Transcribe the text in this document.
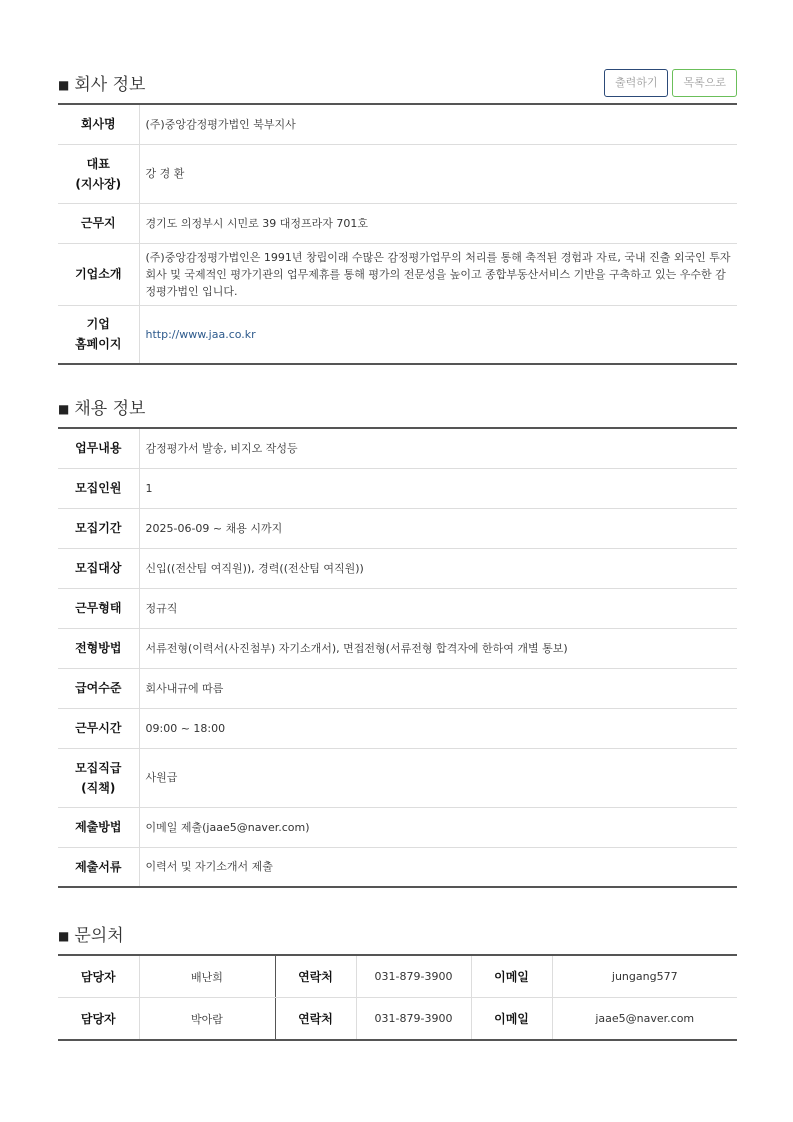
■ 회사 정보	출력하기	목록으로
회사명	(주)중앙감정평가법인 북부지사
대표
(지사장)	강 경 환
근무지	경기도 의정부시 시민로 39 대정프라자 701호
기업소개	(주)중앙감정평가법인은 1991년 창립이래 수많은 감정평가업무의 처리를 통해 축적된 경험과 자료, 국내 진출 외국인 투자회사 및 국제적인 평가기관의 업무제휴를 통해 평가의 전문성을 높이고 종합부동산서비스 기반을 구축하고 있는 우수한 감정평가법인 입니다.
기업
홈페이지	http://www.jaa.co.kr
■ 채용 정보
업무내용	감정평가서 발송, 비지오 작성등
모집인원	1
모집기간	2025-06-09 ~ 채용 시까지
모집대상	신입((전산팀 여직원)), 경력((전산팀 여직원))
근무형태	정규직
전형방법	서류전형(이력서(사진첨부) 자기소개서), 면접전형(서류전형 합격자에 한하여 개별 통보)
급여수준	회사내규에 따름
근무시간	09:00 ~ 18:00
모집직급
(직책)	사원급
제출방법	이메일 제출(jaae5@naver.com)
제출서류	이력서 및 자기소개서 제출
■ 문의처
담당자	배난희	연락처	031-879-3900	이메일	jungang577
담당자	박아람	연락처	031-879-3900	이메일	jaae5@naver.com
